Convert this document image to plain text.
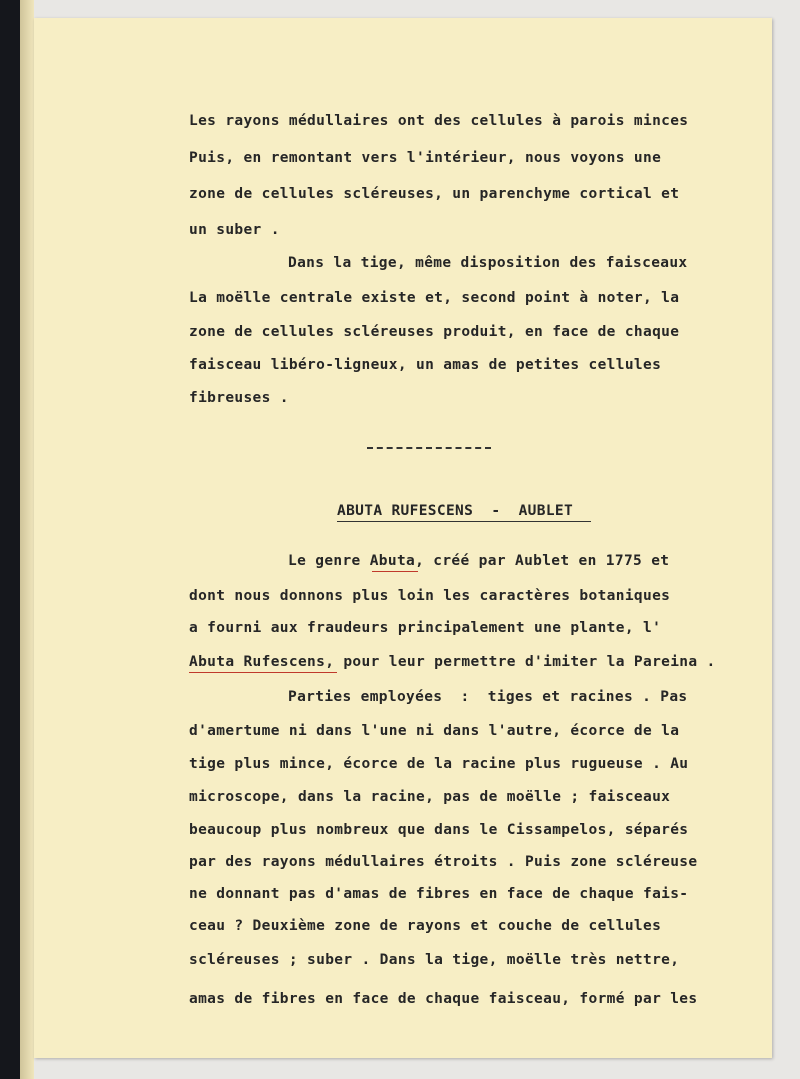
Les rayons médullaires ont des cellules à parois minces
Puis, en remontant vers l'intérieur, nous voyons une
zone de cellules scléreuses, un parenchyme cortical et
un suber .
Dans la tige, même disposition des faisceaux
La moëlle centrale existe et, second point à noter, la
zone de cellules scléreuses produit, en face de chaque
faisceau libéro-ligneux, un amas de petites cellules
fibreuses .
ABUTA RUFESCENS  -  AUBLET
Le genre Abuta, créé par Aublet en 1775 et
dont nous donnons plus loin les caractères botaniques
a fourni aux fraudeurs principalement une plante, l'
Abuta Rufescens, pour leur permettre d'imiter la Pareina .
Parties employées  :  tiges et racines . Pas
d'amertume ni dans l'une ni dans l'autre, écorce de la
tige plus mince, écorce de la racine plus rugueuse . Au
microscope, dans la racine, pas de moëlle ; faisceaux
beaucoup plus nombreux que dans le Cissampelos, séparés
par des rayons médullaires étroits . Puis zone scléreuse
ne donnant pas d'amas de fibres en face de chaque fais-
ceau ? Deuxième zone de rayons et couche de cellules
scléreuses ; suber . Dans la tige, moëlle très nettre,
amas de fibres en face de chaque faisceau, formé par les
